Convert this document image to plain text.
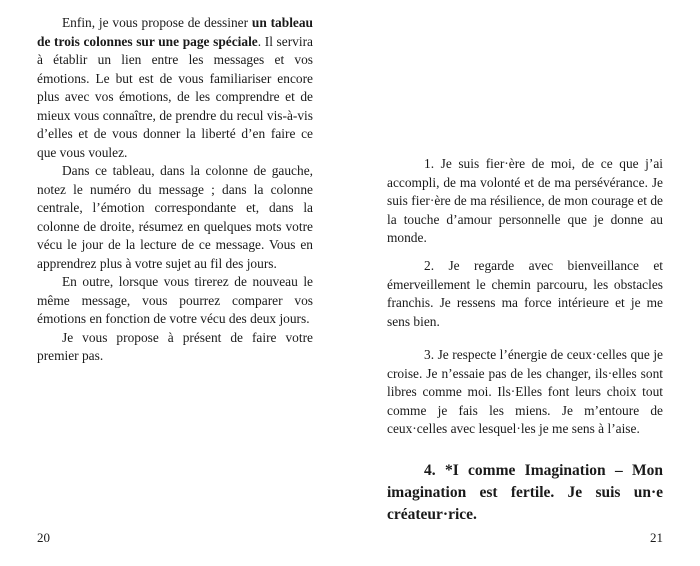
Enfin, je vous propose de dessiner un tableau de trois colonnes sur une page spéciale. Il servira à établir un lien entre les messages et vos émotions. Le but est de vous familiariser encore plus avec vos émotions, de les comprendre et de mieux vous connaître, de prendre du recul vis-à-vis d’elles et de vous donner la liberté d’en faire ce que vous voulez.

Dans ce tableau, dans la colonne de gauche, notez le numéro du message ; dans la colonne centrale, l’émotion correspondante et, dans la colonne de droite, résumez en quelques mots votre vécu le jour de la lecture de ce message. Vous en apprendrez plus à votre sujet au fil des jours.

En outre, lorsque vous tirerez de nouveau le même message, vous pourrez comparer vos émotions en fonction de votre vécu des deux jours.

Je vous propose à présent de faire votre premier pas.

20

1. Je suis fier·ère de moi, de ce que j’ai accompli, de ma volonté et de ma persévérance. Je suis fier·ère de ma résilience, de mon courage et de la touche d’amour personnelle que je donne au monde.

2. Je regarde avec bienveillance et émerveillement le chemin parcouru, les obstacles franchis. Je ressens ma force intérieure et je me sens bien.

3. Je respecte l’énergie de ceux·celles que je croise. Je n’essaie pas de les changer, ils·elles sont libres comme moi. Ils·Elles font leurs choix tout comme je fais les miens. Je m’entoure de ceux·celles avec lesquel·les je me sens à l’aise.

4. *I comme Imagination – Mon imagination est fertile. Je suis un·e créateur·rice.

21
